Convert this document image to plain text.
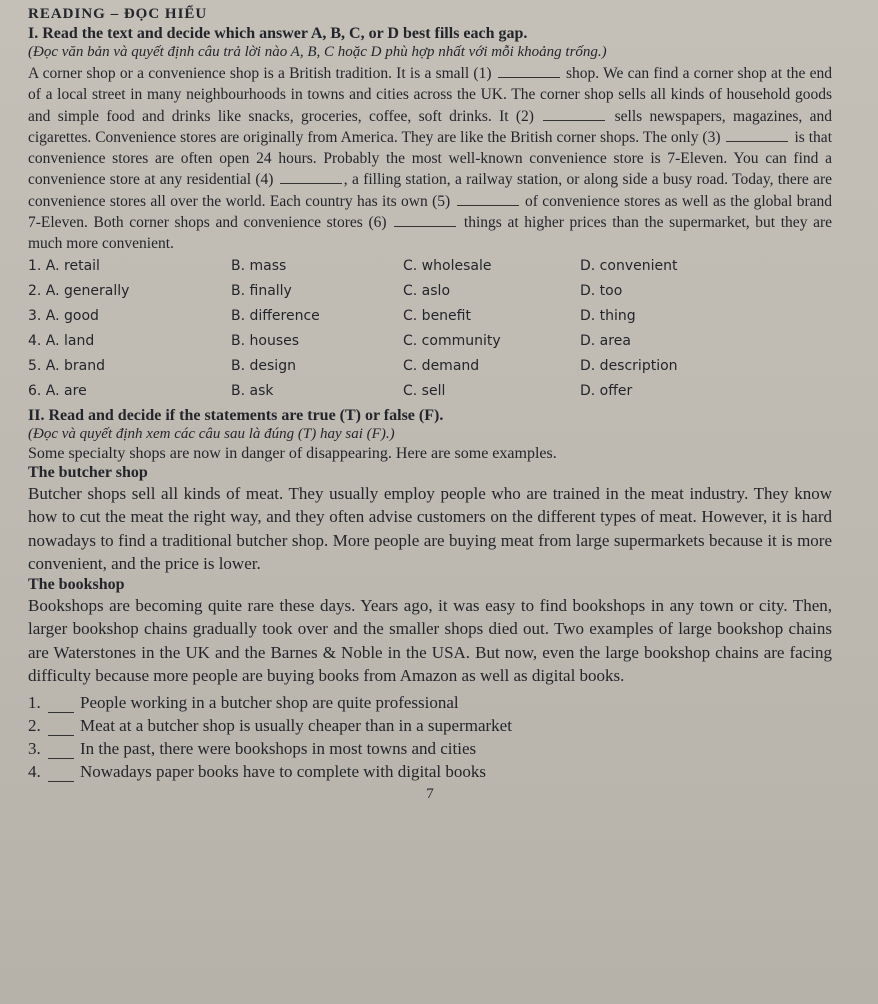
READING – ĐỌC HIỂU
I. Read the text and decide which answer A, B, C, or D best fills each gap.
(Đọc văn bản và quyết định câu trả lời nào A, B, C hoặc D phù hợp nhất với mỗi khoảng trống.)

A corner shop or a convenience shop is a British tradition. It is a small (1)	shop. We can find a corner shop at the end of a local street in many neighbourhoods in towns and cities across the UK. The corner shop sells all kinds of household goods and simple food and drinks like snacks, groceries, coffee, soft drinks. It (2)	sells newspapers, magazines, and cigarettes. Convenience stores are originally from America. They are like the British corner shops. The only (3)	is that convenience stores are often open 24 hours. Probably the most well-known convenience store is 7-Eleven. You can find a convenience store at any residential (4)	, a filling station, a railway station, or along side a busy road. Today, there are convenience stores all over the world. Each country has its own (5)	of convenience stores as well as the global brand 7-Eleven. Both corner shops and convenience stores (6)	things at higher prices than the supermarket, but they are much more convenient.

1. A. retail	B. mass	C. wholesale	D. convenient
2. A. generally	B. finally	C. aslo	D. too
3. A. good	B. difference	C. benefit	D. thing
4. A. land	B. houses	C. community	D. area
5. A. brand	B. design	C. demand	D. description
6. A. are	B. ask	C. sell	D. offer
II. Read and decide if the statements are true (T) or false (F).
(Đọc và quyết định xem các câu sau là đúng (T) hay sai (F).)
Some specialty shops are now in danger of disappearing. Here are some examples.
The butcher shop

Butcher shops sell all kinds of meat. They usually employ people who are trained in the meat industry. They know how to cut the meat the right way, and they often advise customers on the different types of meat. However, it is hard nowadays to find a traditional butcher shop. More people are buying meat from large supermarkets because it is more convenient, and the price is lower.

The bookshop

Bookshops are becoming quite rare these days. Years ago, it was easy to find bookshops in any town or city. Then, larger bookshop chains gradually took over and the smaller shops died out. Two examples of large bookshop chains are Waterstones in the UK and the Barnes & Noble in the USA. But now, even the large bookshop chains are facing difficulty because more people are buying books from Amazon as well as digital books.

1.	People working in a butcher shop are quite professional
2.	Meat at a butcher shop is usually cheaper than in a supermarket
3.	In the past, there were bookshops in most towns and cities
4.	Nowadays paper books have to complete with digital books
7
